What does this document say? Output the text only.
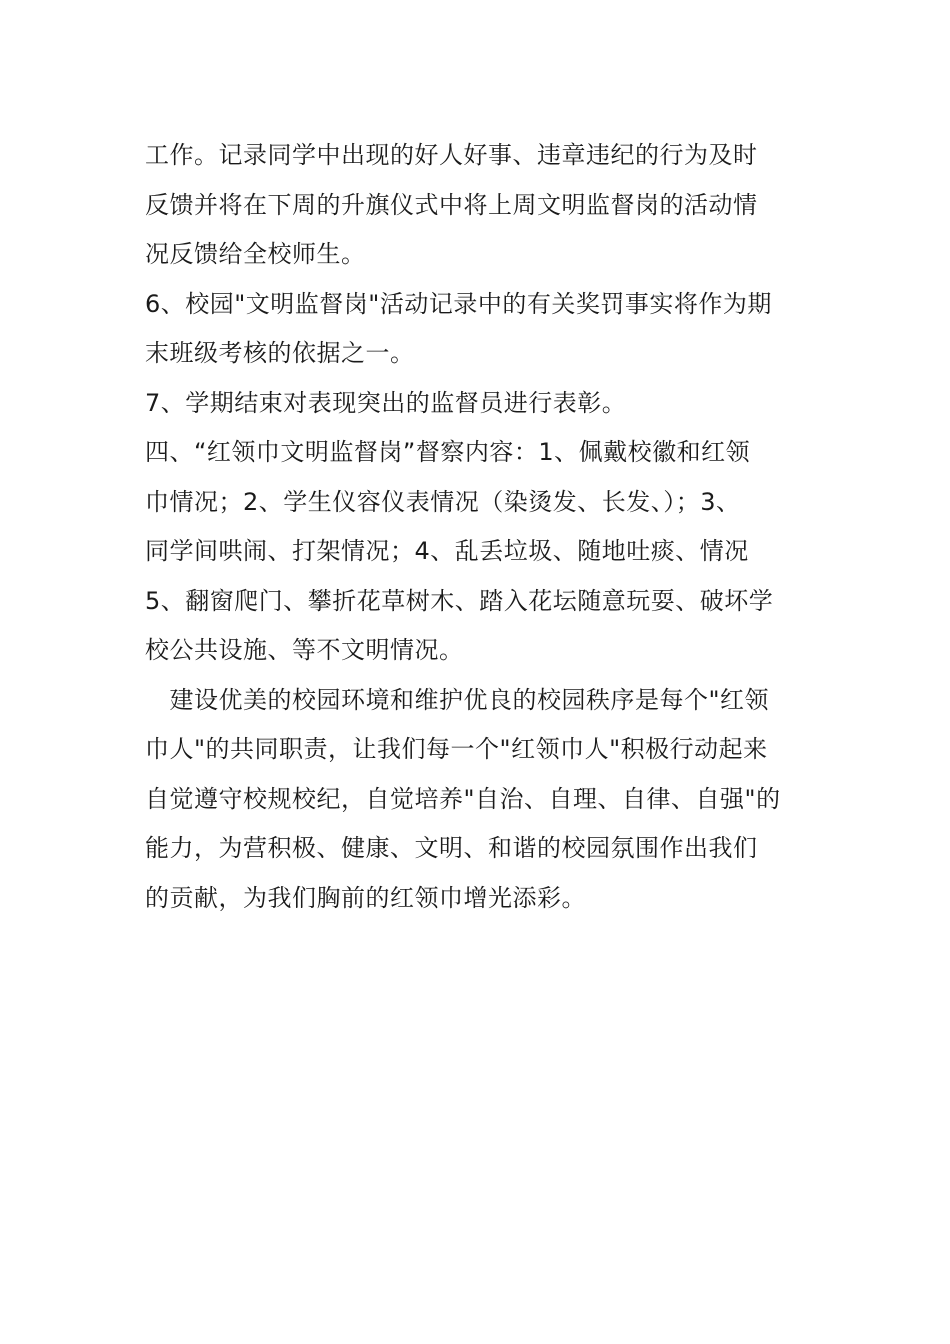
工作。记录同学中出现的好人好事、违章违纪的行为及时
反馈并将在下周的升旗仪式中将上周文明监督岗的活动情
况反馈给全校师生。
6、校园"文明监督岗"活动记录中的有关奖罚事实将作为期
末班级考核的依据之一。
7、学期结束对表现突出的监督员进行表彰。
四、“红领巾文明监督岗”督察内容：1、佩戴校徽和红领
巾情况；2、学生仪容仪表情况（染烫发、长发、）；3、
同学间哄闹、打架情况；4、乱丢垃圾、随地吐痰、情况
5、翻窗爬门、攀折花草树木、踏入花坛随意玩耍、破坏学
校公共设施、等不文明情况。
　建设优美的校园环境和维护优良的校园秩序是每个"红领
巾人"的共同职责，让我们每一个"红领巾人"积极行动起来
自觉遵守校规校纪，自觉培养"自治、自理、自律、自强"的
能力，为营积极、健康、文明、和谐的校园氛围作出我们
的贡献，为我们胸前的红领巾增光添彩。
